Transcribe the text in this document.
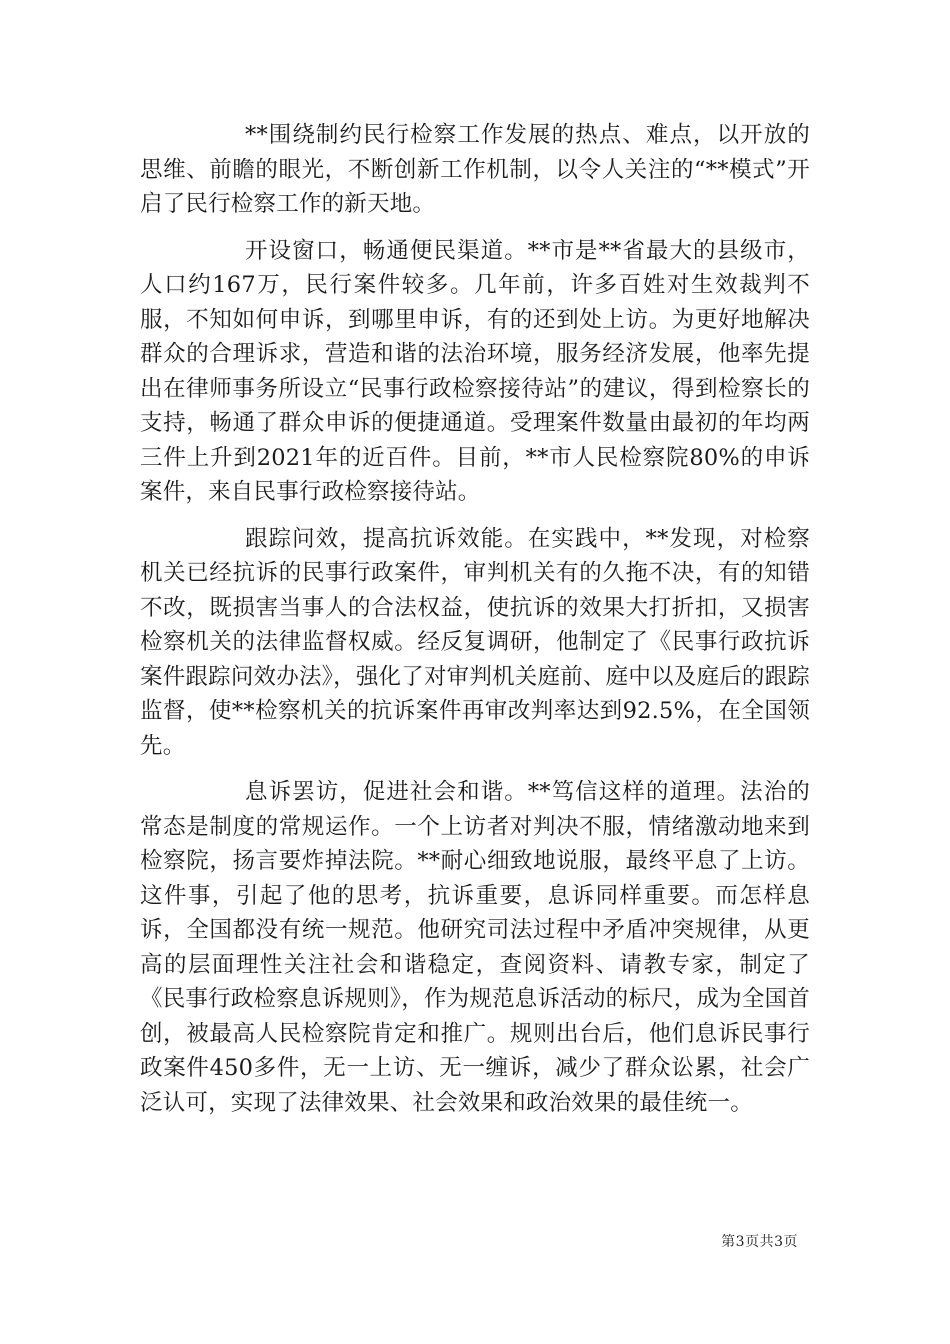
**围绕制约民行检察工作发展的热点、难点，以开放的思维、前瞻的眼光，不断创新工作机制，以令人关注的“**模式”开启了民行检察工作的新天地。

开设窗口，畅通便民渠道。**市是**省最大的县级市，人口约167万，民行案件较多。几年前，许多百姓对生效裁判不服，不知如何申诉，到哪里申诉，有的还到处上访。为更好地解决群众的合理诉求，营造和谐的法治环境，服务经济发展，他率先提出在律师事务所设立“民事行政检察接待站”的建议，得到检察长的支持，畅通了群众申诉的便捷通道。受理案件数量由最初的年均两三件上升到2021年的近百件。目前，**市人民检察院80%的申诉案件，来自民事行政检察接待站。

跟踪问效，提高抗诉效能。在实践中，**发现，对检察机关已经抗诉的民事行政案件，审判机关有的久拖不决，有的知错不改，既损害当事人的合法权益，使抗诉的效果大打折扣，又损害检察机关的法律监督权威。经反复调研，他制定了《民事行政抗诉案件跟踪问效办法》，强化了对审判机关庭前、庭中以及庭后的跟踪监督，使**检察机关的抗诉案件再审改判率达到92.5%，在全国领先。

息诉罢访，促进社会和谐。**笃信这样的道理。法治的常态是制度的常规运作。一个上访者对判决不服，情绪激动地来到检察院，扬言要炸掉法院。**耐心细致地说服，最终平息了上访。这件事，引起了他的思考，抗诉重要，息诉同样重要。而怎样息诉，全国都没有统一规范。他研究司法过程中矛盾冲突规律，从更高的层面理性关注社会和谐稳定，查阅资料、请教专家，制定了《民事行政检察息诉规则》，作为规范息诉活动的标尺，成为全国首创，被最高人民检察院肯定和推广。规则出台后，他们息诉民事行政案件450多件，无一上访、无一缠诉，减少了群众讼累，社会广泛认可，实现了法律效果、社会效果和政治效果的最佳统一。

第3页共3页
